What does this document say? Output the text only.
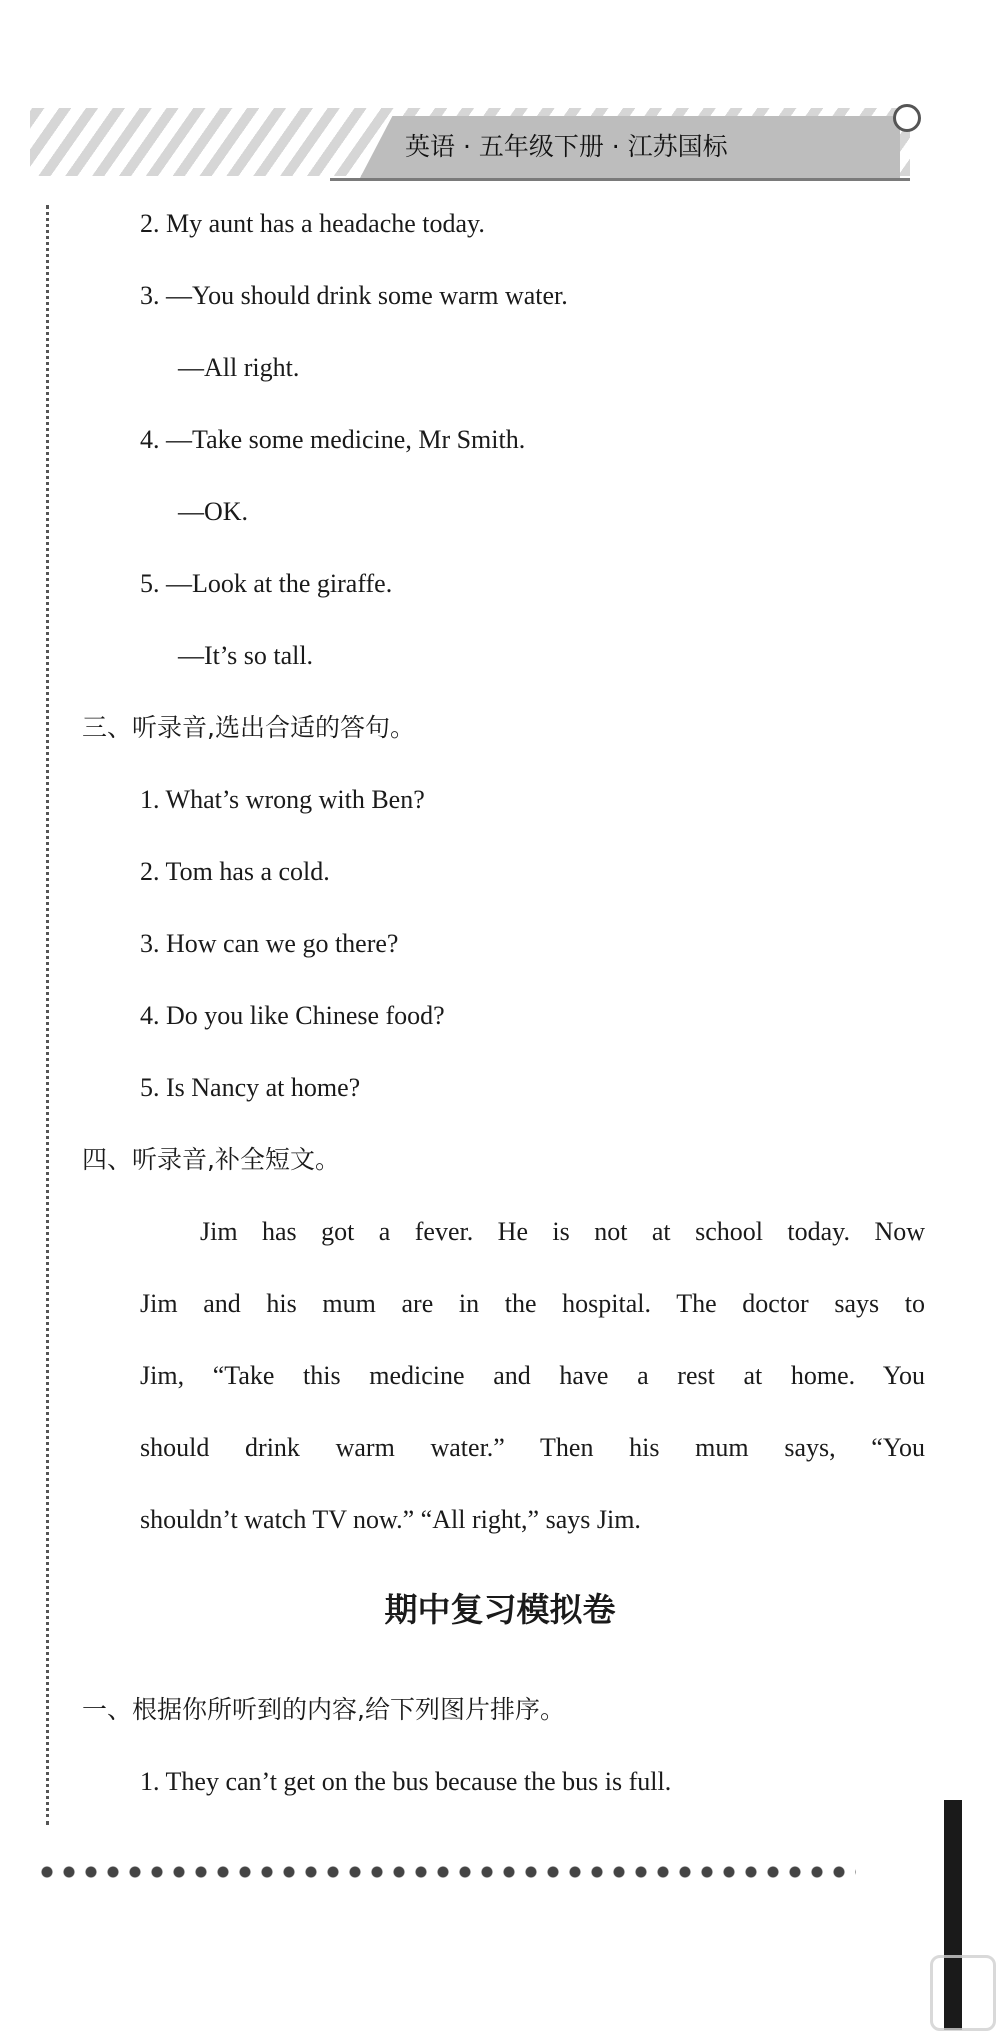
英语 · 五年级下册 · 江苏国标
2. My aunt has a headache today.
3. —You should drink some warm water.
—All right.
4. —Take some medicine, Mr Smith.
—OK.
5. —Look at the giraffe.
—It’s so tall.
三、听录音,选出合适的答句。
1. What’s wrong with Ben?
2. Tom has a cold.
3. How can we go there?
4. Do you like Chinese food?
5. Is Nancy at home?
四、听录音,补全短文。
Jim has got a fever. He is not at school today. Now
Jim and his mum are in the hospital. The doctor says to
Jim, “Take this medicine and have a rest at home. You
should drink warm water.” Then his mum says, “You
shouldn’t watch TV now.” “All right,” says Jim.
期中复习模拟卷
一、根据你所听到的内容,给下列图片排序。
1. They can’t get on the bus because the bus is full.
